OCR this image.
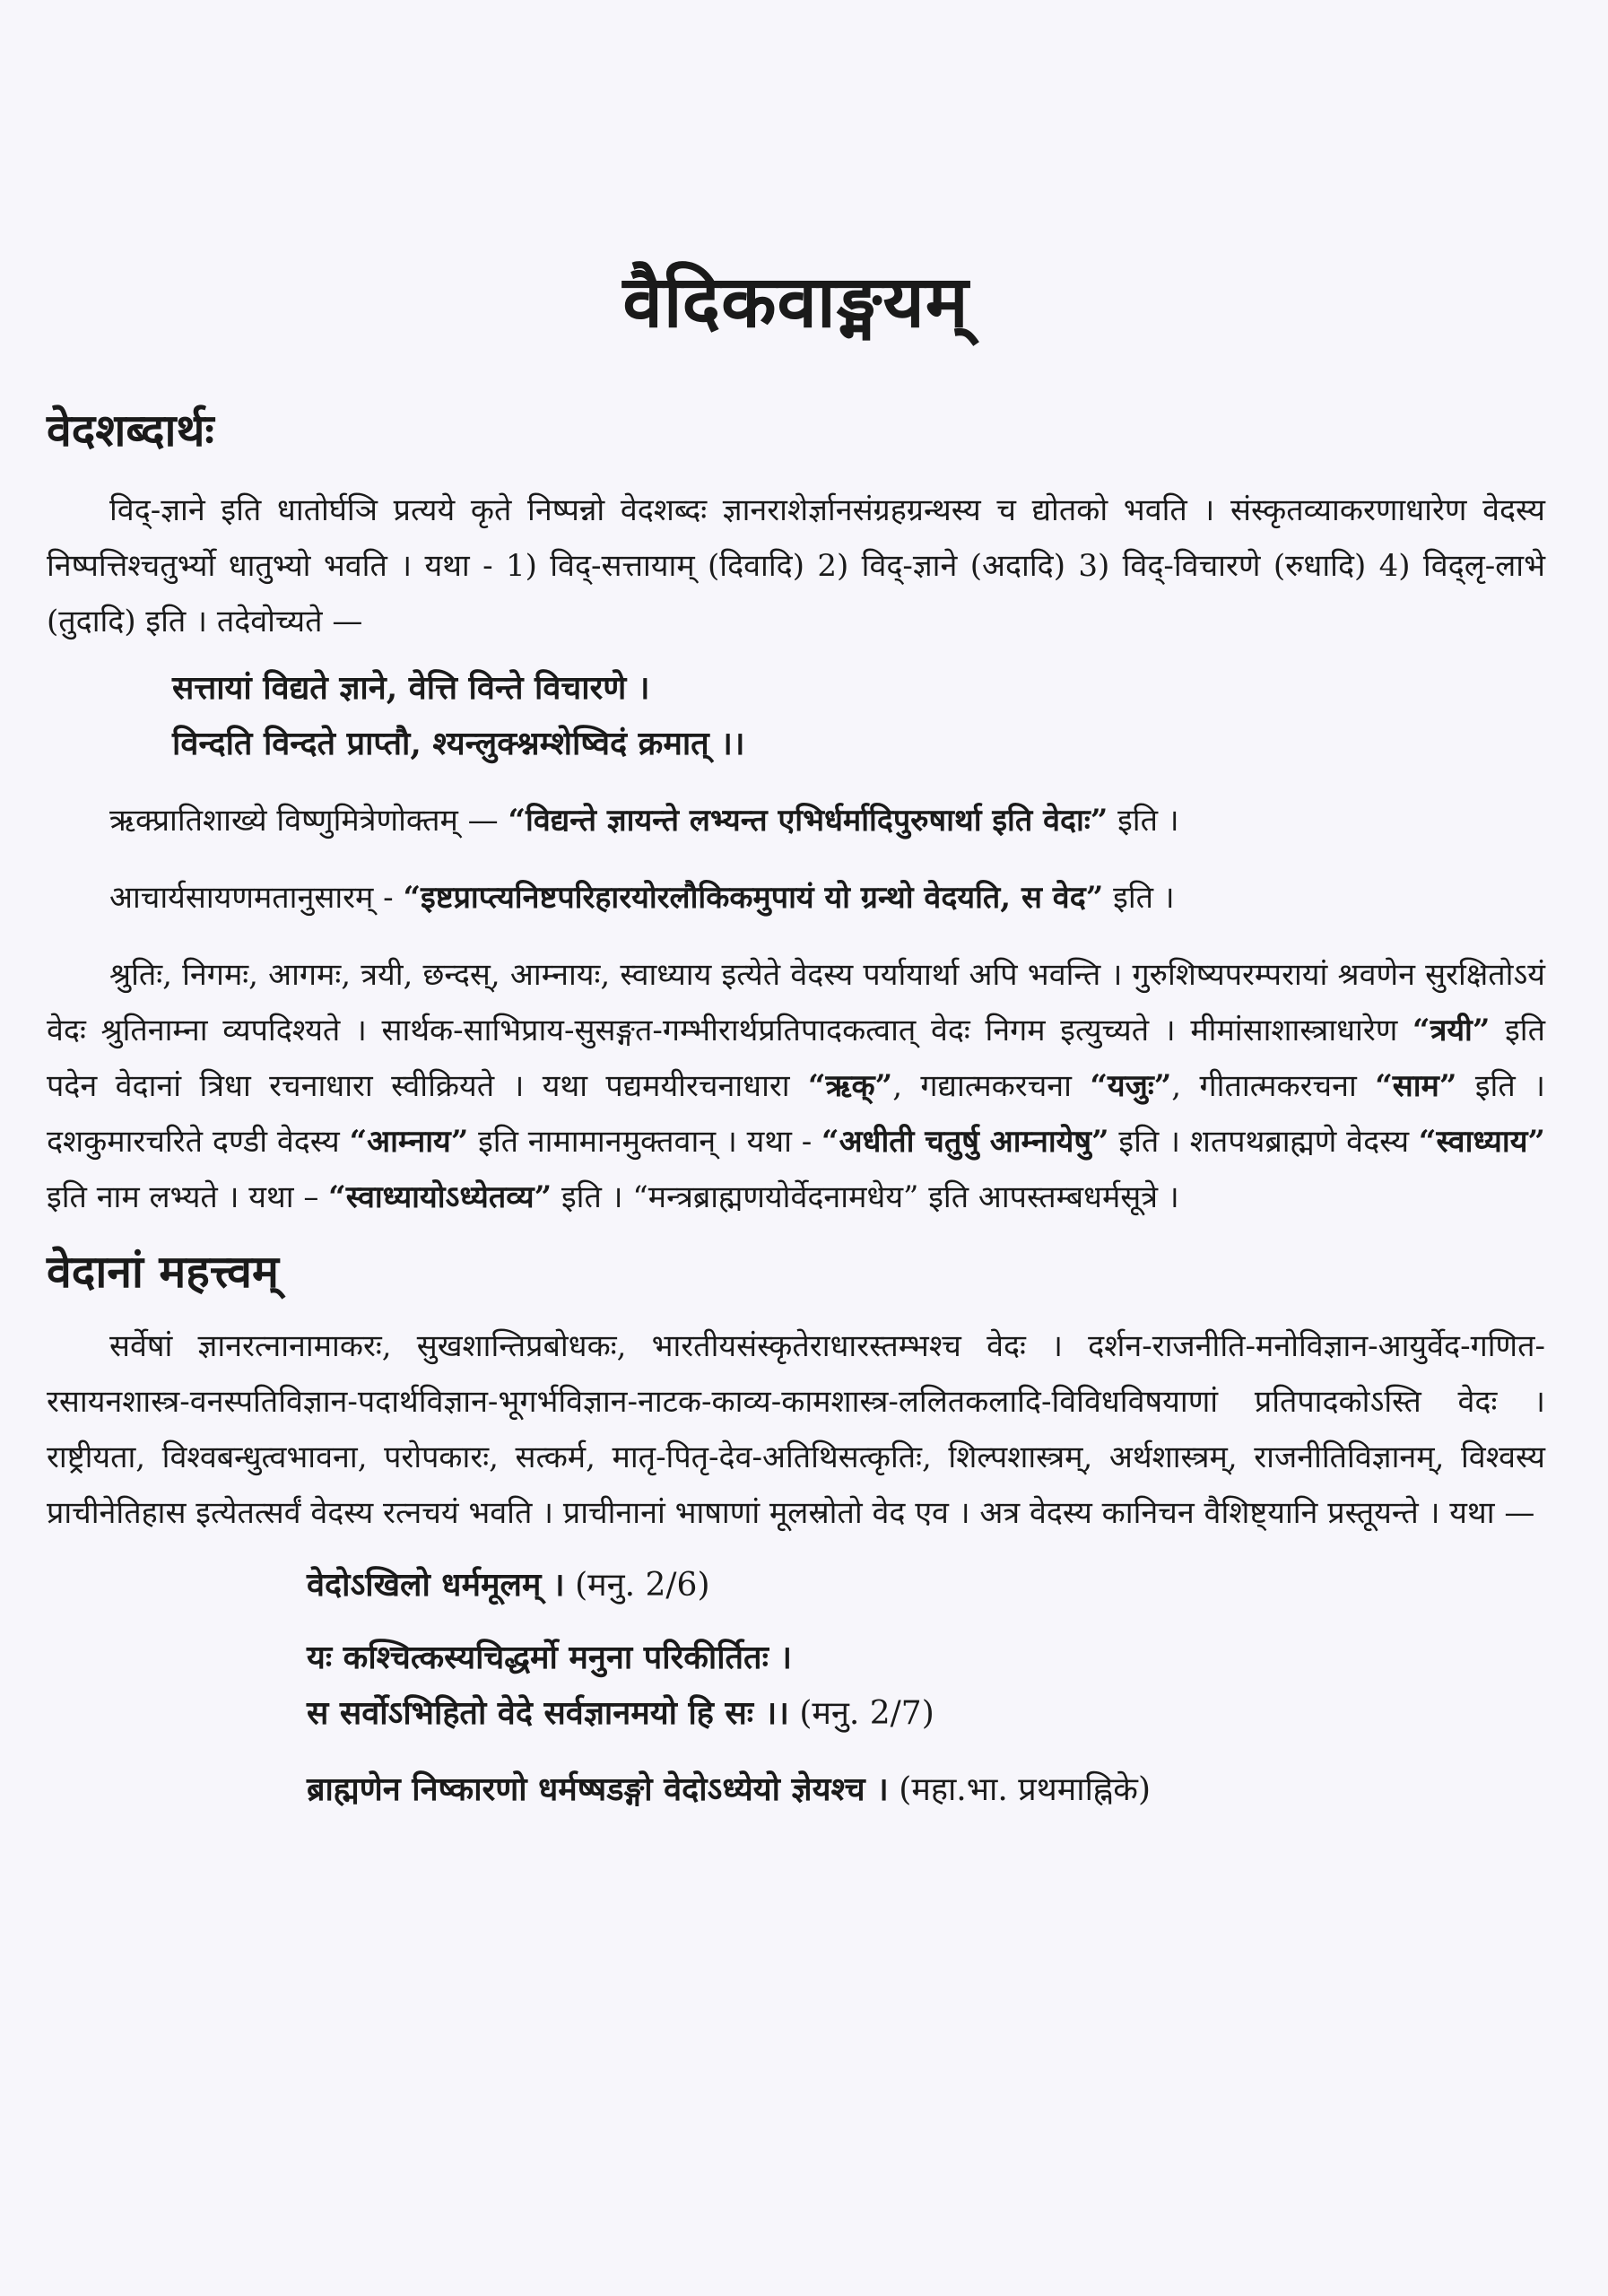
वैदिकवाङ्मयम्
वेदशब्दार्थः

विद्-ज्ञाने इति धातोर्घञि प्रत्यये कृते निष्पन्नो वेदशब्दः ज्ञानराशेर्ज्ञानसंग्रहग्रन्थस्य च द्योतको भवति । संस्कृतव्याकरणाधारेण वेदस्य निष्पत्तिश्चतुर्भ्यो धातुभ्यो भवति । यथा - 1) विद्-सत्तायाम् (दिवादि) 2) विद्-ज्ञाने (अदादि) 3) विद्-विचारणे (रुधादि) 4) विद्लृ-लाभे (तुदादि) इति । तदेवोच्यते —

सत्तायां विद्यते ज्ञाने, वेत्ति विन्ते विचारणे ।

विन्दति विन्दते प्राप्तौ, श्यन्लुक्श्नम्शेष्विदं क्रमात् ।।

ऋक्प्रातिशाख्ये विष्णुमित्रेणोक्तम् — “विद्यन्ते ज्ञायन्ते लभ्यन्त एभिर्धर्मादिपुरुषार्था इति वेदाः” इति ।

आचार्यसायणमतानुसारम् - “इष्टप्राप्त्यनिष्टपरिहारयोरलौकिकमुपायं यो ग्रन्थो वेदयति, स वेद” इति ।

श्रुतिः, निगमः, आगमः, त्रयी, छन्दस्, आम्नायः, स्वाध्याय इत्येते वेदस्य पर्यायार्था अपि भवन्ति । गुरुशिष्यपरम्परायां श्रवणेन सुरक्षितोऽयं वेदः श्रुतिनाम्ना व्यपदिश्यते । सार्थक-साभिप्राय-सुसङ्गत-गम्भीरार्थप्रतिपादकत्वात् वेदः निगम इत्युच्यते । मीमांसाशास्त्राधारेण “त्रयी” इति पदेन वेदानां त्रिधा रचनाधारा स्वीक्रियते । यथा पद्यमयीरचनाधारा “ऋक्”, गद्यात्मकरचना “यजुः”, गीतात्मकरचना “साम” इति । दशकुमारचरिते दण्डी वेदस्य “आम्नाय” इति नामामानमुक्तवान् । यथा - “अधीती चतुर्षु आम्नायेषु” इति । शतपथब्राह्मणे वेदस्य “स्वाध्याय” इति नाम लभ्यते । यथा – “स्वाध्यायोऽध्येतव्य” इति । “मन्त्रब्राह्मणयोर्वेदनामधेय” इति आपस्तम्बधर्मसूत्रे ।

वेदानां महत्त्वम्

सर्वेषां ज्ञानरत्नानामाकरः, सुखशान्तिप्रबोधकः, भारतीयसंस्कृतेराधारस्तम्भश्च वेदः । दर्शन-राजनीति-मनोविज्ञान-आयुर्वेद-गणित-रसायनशास्त्र-वनस्पतिविज्ञान-पदार्थविज्ञान-भूगर्भविज्ञान-नाटक-काव्य-कामशास्त्र-ललितकलादि-विविधविषयाणां प्रतिपादकोऽस्ति वेदः । राष्ट्रीयता, विश्वबन्धुत्वभावना, परोपकारः, सत्कर्म, मातृ-पितृ-देव-अतिथिसत्कृतिः, शिल्पशास्त्रम्, अर्थशास्त्रम्, राजनीतिविज्ञानम्, विश्वस्य प्राचीनेतिहास इत्येतत्सर्वं वेदस्य रत्नचयं भवति । प्राचीनानां भाषाणां मूलस्रोतो वेद एव । अत्र वेदस्य कानिचन वैशिष्ट्यानि प्रस्तूयन्ते । यथा —

वेदोऽखिलो धर्ममूलम् । (मनु. 2/6)

यः कश्चित्कस्यचिद्धर्मो मनुना परिकीर्तितः ।

स सर्वोऽभिहितो वेदे सर्वज्ञानमयो हि सः ।। (मनु. 2/7)

ब्राह्मणेन निष्कारणो धर्मष्षडङ्गो वेदोऽध्येयो ज्ञेयश्च । (महा.भा. प्रथमाह्निके)
